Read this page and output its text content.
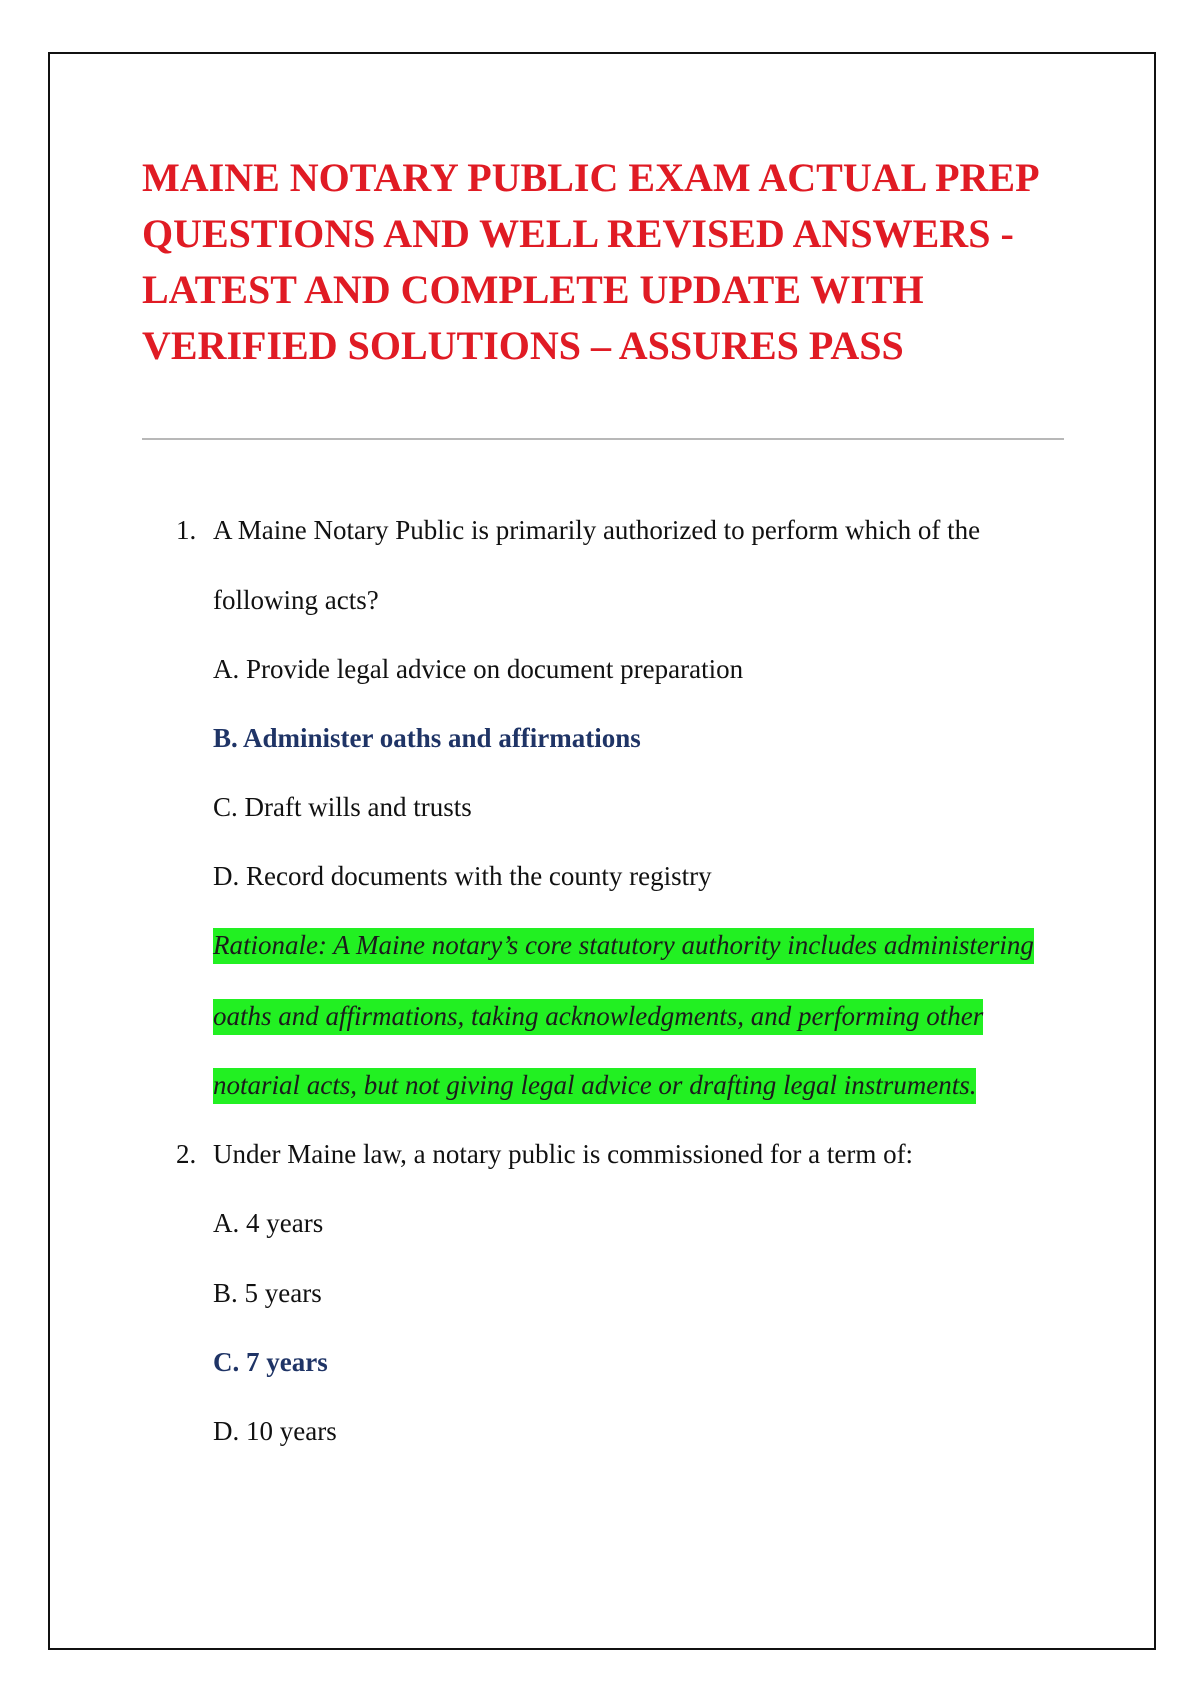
MAINE NOTARY PUBLIC EXAM ACTUAL PREP
QUESTIONS AND WELL REVISED ANSWERS -
LATEST AND COMPLETE UPDATE WITH
VERIFIED SOLUTIONS – ASSURES PASS
1. A Maine Notary Public is primarily authorized to perform which of the
following acts?
A. Provide legal advice on document preparation
B. Administer oaths and affirmations
C. Draft wills and trusts
D. Record documents with the county registry
Rationale: A Maine notary’s core statutory authority includes administering
oaths and affirmations, taking acknowledgments, and performing other
notarial acts, but not giving legal advice or drafting legal instruments.
2. Under Maine law, a notary public is commissioned for a term of:
A. 4 years
B. 5 years
C. 7 years
D. 10 years
